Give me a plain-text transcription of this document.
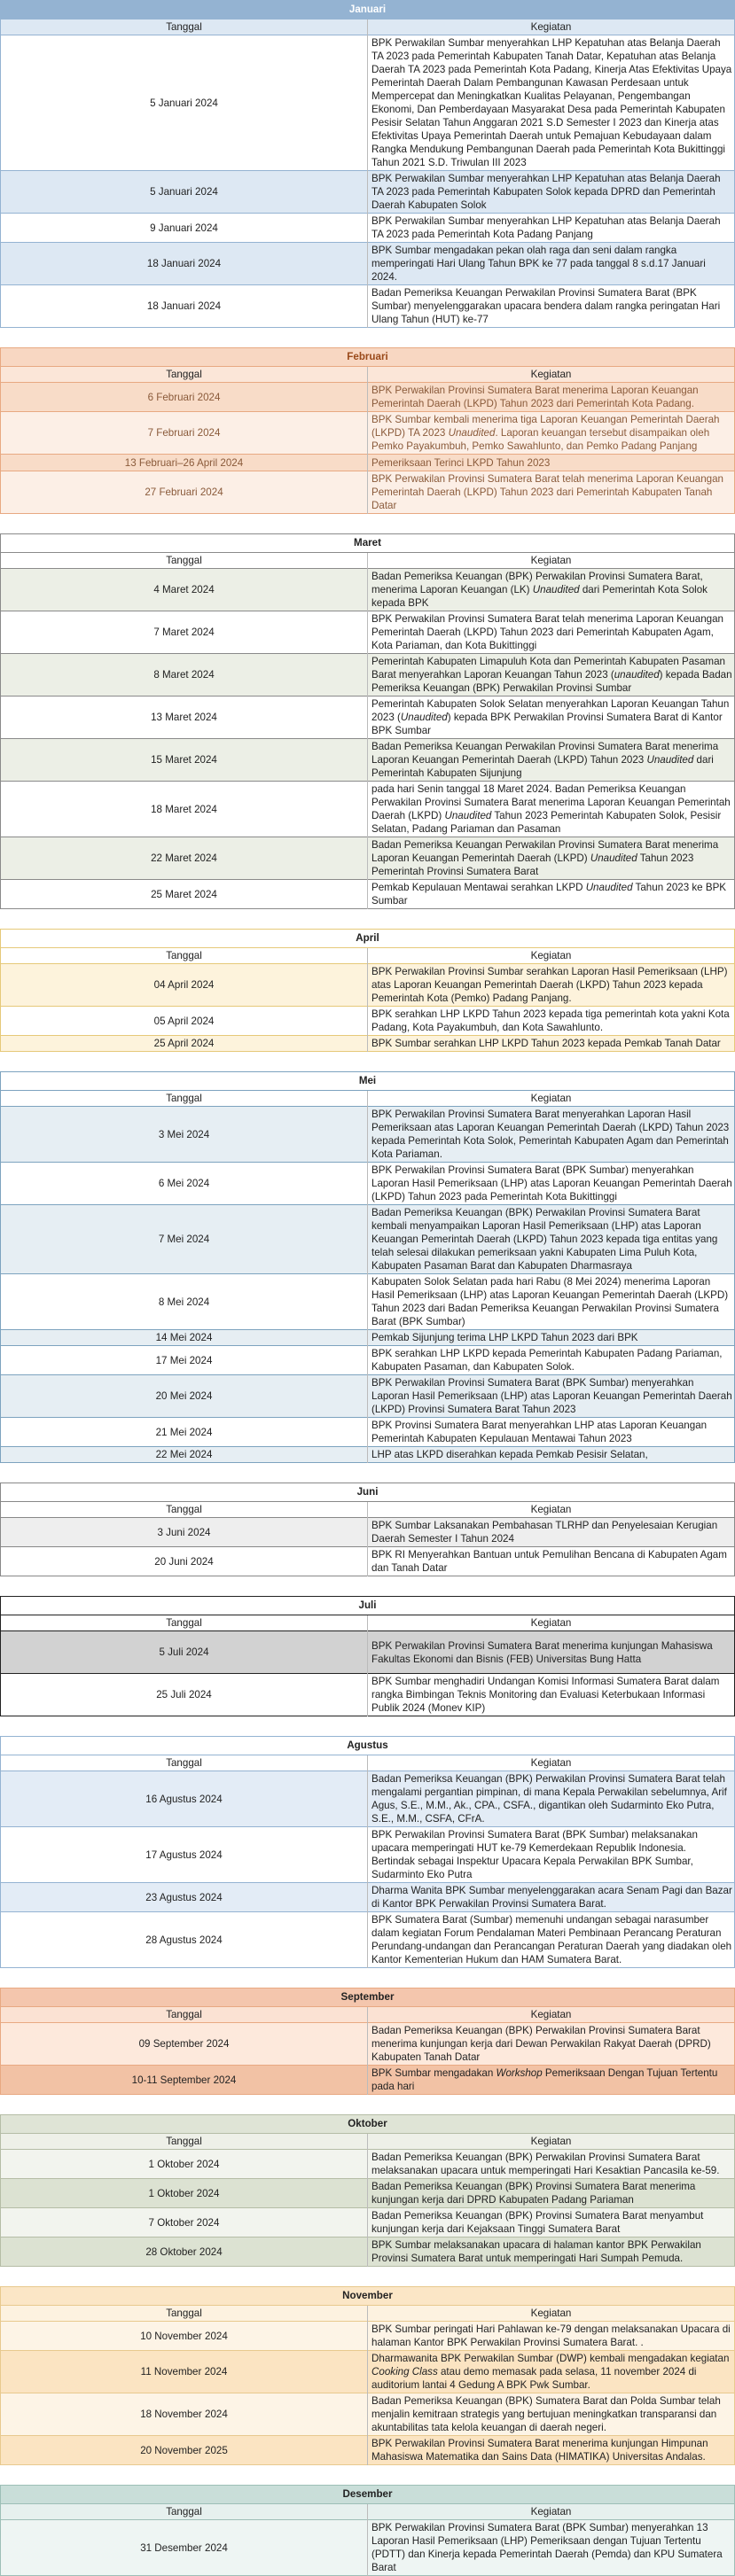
Januari	
Tanggal	Kegiatan
5 Januari 2024	BPK Perwakilan Sumbar menyerahkan LHP Kepatuhan atas Belanja Daerah TA 2023 pada Pemerintah Kabupaten Tanah Datar, Kepatuhan atas Belanja Daerah TA 2023 pada Pemerintah Kota Padang, Kinerja Atas Efektivitas Upaya Pemerintah Daerah Dalam Pembangunan Kawasan Perdesaan untuk Mempercepat dan Meningkatkan Kualitas Pelayanan, Pengembangan Ekonomi, Dan Pemberdayaan Masyarakat Desa pada Pemerintah Kabupaten Pesisir Selatan Tahun Anggaran 2021 S.D Semester I 2023 dan Kinerja atas Efektivitas Upaya Pemerintah Daerah untuk Pemajuan Kebudayaan dalam Rangka Mendukung Pembangunan Daerah pada Pemerintah Kota Bukittinggi Tahun 2021 S.D. Triwulan III 2023
5 Januari 2024	BPK Perwakilan Sumbar menyerahkan LHP Kepatuhan atas Belanja Daerah TA 2023 pada Pemerintah Kabupaten Solok kepada DPRD dan Pemerintah Daerah Kabupaten Solok
9 Januari 2024	BPK Perwakilan Sumbar menyerahkan LHP Kepatuhan atas Belanja Daerah TA 2023 pada Pemerintah Kota Padang Panjang
18 Januari 2024	BPK Sumbar mengadakan pekan olah raga dan seni dalam rangka memperingati Hari Ulang Tahun BPK ke 77 pada tanggal 8 s.d.17 Januari 2024.
18 Januari 2024	Badan Pemeriksa Keuangan Perwakilan Provinsi Sumatera Barat (BPK Sumbar) menyelenggarakan upacara bendera dalam rangka peringatan Hari Ulang Tahun (HUT) ke-77
Februari	
Tanggal	Kegiatan
6 Februari 2024	BPK Perwakilan Provinsi Sumatera Barat menerima Laporan Keuangan Pemerintah Daerah (LKPD) Tahun 2023 dari Pemerintah Kota Padang.
7 Februari 2024	BPK Sumbar kembali menerima tiga Laporan Keuangan Pemerintah Daerah (LKPD) TA 2023 Unaudited. Laporan keuangan tersebut disampaikan oleh Pemko Payakumbuh, Pemko Sawahlunto, dan Pemko Padang Panjang
13 Februari–26 April 2024	Pemeriksaan Terinci LKPD Tahun 2023
27 Februari 2024	BPK Perwakilan Provinsi Sumatera Barat telah menerima Laporan Keuangan Pemerintah Daerah (LKPD) Tahun 2023 dari Pemerintah Kabupaten Tanah Datar
Maret	
Tanggal	Kegiatan
4 Maret 2024	Badan Pemeriksa Keuangan (BPK) Perwakilan Provinsi Sumatera Barat, menerima Laporan Keuangan (LK) Unaudited dari Pemerintah Kota Solok kepada BPK
7 Maret 2024	BPK Perwakilan Provinsi Sumatera Barat telah menerima Laporan Keuangan Pemerintah Daerah (LKPD) Tahun 2023 dari Pemerintah Kabupaten Agam, Kota Pariaman, dan Kota Bukittinggi
8 Maret 2024	Pemerintah Kabupaten Limapuluh Kota dan Pemerintah Kabupaten Pasaman Barat menyerahkan Laporan Keuangan Tahun 2023 (unaudited) kepada Badan Pemeriksa Keuangan (BPK) Perwakilan Provinsi Sumbar
13 Maret 2024	Pemerintah Kabupaten Solok Selatan menyerahkan Laporan Keuangan Tahun 2023 (Unaudited) kepada BPK Perwakilan Provinsi Sumatera Barat di Kantor BPK Sumbar
15 Maret 2024	Badan Pemeriksa Keuangan Perwakilan Provinsi Sumatera Barat menerima Laporan Keuangan Pemerintah Daerah (LKPD) Tahun 2023 Unaudited dari Pemerintah Kabupaten Sijunjung
18 Maret 2024	pada hari Senin tanggal 18 Maret 2024. Badan Pemeriksa Keuangan Perwakilan Provinsi Sumatera Barat menerima Laporan Keuangan Pemerintah Daerah (LKPD) Unaudited Tahun 2023 Pemerintah Kabupaten Solok, Pesisir Selatan, Padang Pariaman dan Pasaman
22 Maret 2024	Badan Pemeriksa Keuangan Perwakilan Provinsi Sumatera Barat menerima Laporan Keuangan Pemerintah Daerah (LKPD) Unaudited Tahun 2023 Pemerintah Provinsi Sumatera Barat
25 Maret 2024	Pemkab Kepulauan Mentawai serahkan LKPD Unaudited Tahun 2023 ke BPK Sumbar
April	
Tanggal	Kegiatan
04 April 2024	BPK Perwakilan Provinsi Sumbar serahkan Laporan Hasil Pemeriksaan (LHP) atas Laporan Keuangan Pemerintah Daerah (LKPD) Tahun 2023 kepada Pemerintah Kota (Pemko) Padang Panjang.
05 April 2024	BPK serahkan LHP LKPD Tahun 2023 kepada tiga pemerintah kota yakni Kota Padang, Kota Payakumbuh, dan Kota Sawahlunto.
25 April 2024	BPK Sumbar serahkan LHP LKPD Tahun 2023 kepada Pemkab Tanah Datar
Mei	
Tanggal	Kegiatan
3 Mei 2024	BPK Perwakilan Provinsi Sumatera Barat menyerahkan Laporan Hasil Pemeriksaan atas Laporan Keuangan Pemerintah Daerah (LKPD) Tahun 2023 kepada Pemerintah Kota Solok, Pemerintah Kabupaten Agam dan Pemerintah Kota Pariaman.
6 Mei 2024	BPK Perwakilan Provinsi Sumatera Barat (BPK Sumbar) menyerahkan Laporan Hasil Pemeriksaan (LHP) atas Laporan Keuangan Pemerintah Daerah (LKPD) Tahun 2023 pada Pemerintah Kota Bukittinggi
7 Mei 2024	Badan Pemeriksa Keuangan (BPK) Perwakilan Provinsi Sumatera Barat kembali menyampaikan Laporan Hasil Pemeriksaan (LHP) atas Laporan Keuangan Pemerintah Daerah (LKPD) Tahun 2023 kepada tiga entitas yang telah selesai dilakukan pemeriksaan yakni Kabupaten Lima Puluh Kota, Kabupaten Pasaman Barat dan Kabupaten Dharmasraya
8 Mei 2024	Kabupaten Solok Selatan pada hari Rabu (8 Mei 2024) menerima Laporan Hasil Pemeriksaan (LHP) atas Laporan Keuangan Pemerintah Daerah (LKPD) Tahun 2023 dari Badan Pemeriksa Keuangan Perwakilan Provinsi Sumatera Barat (BPK Sumbar)
14 Mei 2024	Pemkab Sijunjung terima LHP LKPD Tahun 2023 dari BPK
17 Mei 2024	BPK serahkan LHP LKPD kepada Pemerintah Kabupaten Padang Pariaman, Kabupaten Pasaman, dan Kabupaten Solok.
20 Mei 2024	BPK Perwakilan Provinsi Sumatera Barat (BPK Sumbar) menyerahkan Laporan Hasil Pemeriksaan (LHP) atas Laporan Keuangan Pemerintah Daerah (LKPD) Provinsi Sumatera Barat Tahun 2023
21 Mei 2024	BPK Provinsi Sumatera Barat menyerahkan LHP atas Laporan Keuangan Pemerintah Kabupaten Kepulauan Mentawai Tahun 2023
22 Mei 2024	LHP atas LKPD diserahkan kepada Pemkab Pesisir Selatan,
Juni	
Tanggal	Kegiatan
3 Juni 2024	BPK Sumbar Laksanakan Pembahasan TLRHP dan Penyelesaian Kerugian Daerah Semester I Tahun 2024
20 Juni 2024	BPK RI Menyerahkan Bantuan untuk Pemulihan Bencana di Kabupaten Agam dan Tanah Datar
Juli	
Tanggal	Kegiatan
5 Juli 2024	BPK Perwakilan Provinsi Sumatera Barat menerima kunjungan Mahasiswa Fakultas Ekonomi dan Bisnis (FEB) Universitas Bung Hatta
25 Juli 2024	BPK Sumbar menghadiri Undangan Komisi Informasi Sumatera Barat dalam rangka Bimbingan Teknis Monitoring dan Evaluasi Keterbukaan Informasi Publik 2024 (Monev KIP)
Agustus	
Tanggal	Kegiatan
16 Agustus 2024	Badan Pemeriksa Keuangan (BPK) Perwakilan Provinsi Sumatera Barat telah mengalami pergantian pimpinan, di mana Kepala Perwakilan sebelumnya, Arif Agus, S.E., M.M., Ak., CPA., CSFA., digantikan oleh Sudarminto Eko Putra, S.E., M.M., CSFA, CFrA.
17 Agustus 2024	BPK Perwakilan Provinsi Sumatera Barat (BPK Sumbar) melaksanakan upacara memperingati HUT ke-79 Kemerdekaan Republik Indonesia. Bertindak sebagai Inspektur Upacara Kepala Perwakilan BPK Sumbar, Sudarminto Eko Putra
23 Agustus 2024	Dharma Wanita BPK Sumbar menyelenggarakan acara Senam Pagi dan Bazar di Kantor BPK Perwakilan Provinsi Sumatera Barat.
28 Agustus 2024	BPK Sumatera Barat (Sumbar) memenuhi undangan sebagai narasumber dalam kegiatan Forum Pendalaman Materi Pembinaan Perancang Peraturan Perundang-undangan dan Perancangan Peraturan Daerah yang diadakan oleh Kantor Kementerian Hukum dan HAM Sumatera Barat.
September	
Tanggal	Kegiatan
09 September 2024	Badan Pemeriksa Keuangan (BPK) Perwakilan Provinsi Sumatera Barat menerima kunjungan kerja dari Dewan Perwakilan Rakyat Daerah (DPRD) Kabupaten Tanah Datar
10-11 September 2024	BPK Sumbar mengadakan Workshop Pemeriksaan Dengan Tujuan Tertentu pada hari
Oktober	
Tanggal	Kegiatan
1 Oktober 2024	Badan Pemeriksa Keuangan (BPK) Perwakilan Provinsi Sumatera Barat melaksanakan upacara untuk memperingati Hari Kesaktian Pancasila ke-59.
1 Oktober 2024	Badan Pemeriksa Keuangan (BPK) Provinsi Sumatera Barat menerima kunjungan kerja dari DPRD Kabupaten Padang Pariaman
7 Oktober 2024	Badan Pemeriksa Keuangan (BPK) Provinsi Sumatera Barat menyambut kunjungan kerja dari Kejaksaan Tinggi Sumatera Barat
28 Oktober 2024	BPK Sumbar melaksanakan upacara di halaman kantor BPK Perwakilan Provinsi Sumatera Barat untuk memperingati Hari Sumpah Pemuda.
November	
Tanggal	Kegiatan
10 November 2024	BPK Sumbar peringati Hari Pahlawan ke-79 dengan melaksanakan Upacara di halaman Kantor BPK Perwakilan Provinsi Sumatera Barat. .
11 November 2024	Dharmawanita BPK Perwakilan Sumbar (DWP) kembali mengadakan kegiatan Cooking Class atau demo memasak pada selasa, 11 november 2024 di auditorium lantai 4 Gedung A BPK Pwk Sumbar.
18 November 2024	Badan Pemeriksa Keuangan (BPK) Sumatera Barat dan Polda Sumbar telah menjalin kemitraan strategis yang bertujuan meningkatkan transparansi dan akuntabilitas tata kelola keuangan di daerah negeri.
20 November 2025	BPK Perwakilan Provinsi Sumatera Barat menerima kunjungan Himpunan Mahasiswa Matematika dan Sains Data (HIMATIKA) Universitas Andalas.
Desember	
Tanggal	Kegiatan
31 Desember 2024	BPK Perwakilan Provinsi Sumatera Barat (BPK Sumbar) menyerahkan 13 Laporan Hasil Pemeriksaan (LHP) Pemeriksaan dengan Tujuan Tertentu (PDTT) dan Kinerja kepada Pemerintah Daerah (Pemda) dan KPU Sumatera Barat
